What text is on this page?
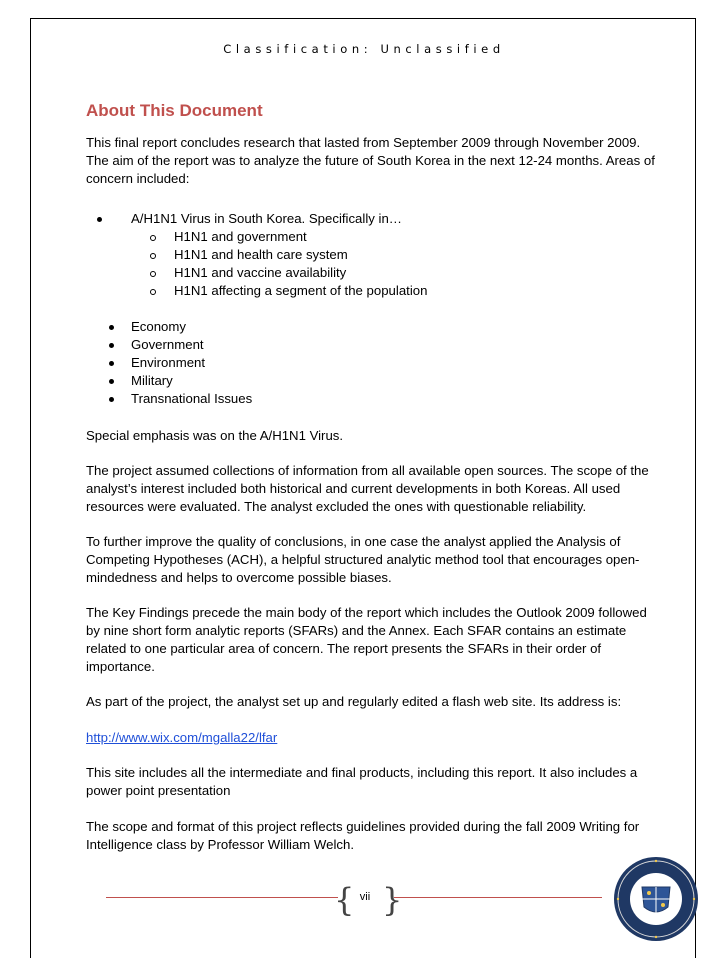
Classification: Unclassified
About This Document

This final report concludes research that lasted from September 2009 through November 2009. The aim of the report was to analyze the future of South Korea in the next 12-24 months. Areas of concern included:

A/H1N1 Virus in South Korea. Specifically in…
H1N1 and government
H1N1 and health care system
H1N1 and vaccine availability
H1N1 affecting a segment of the population
Economy
Government
Environment
Military
Transnational Issues

Special emphasis was on the A/H1N1 Virus.

The project assumed collections of information from all available open sources. The scope of the analyst’s interest included both historical and current developments in both Koreas. All used resources were evaluated. The analyst excluded the ones with questionable reliability.

To further improve the quality of conclusions, in one case the analyst applied the Analysis of Competing Hypotheses (ACH), a helpful structured analytic method tool that encourages open-mindedness and helps to overcome possible biases.

The Key Findings precede the main body of the report which includes the Outlook 2009 followed by nine short form analytic reports (SFARs) and the Annex. Each SFAR contains an estimate related to one particular area of concern. The report presents the SFARs in their order of importance.

As part of the project, the analyst set up and regularly edited a flash web site. Its address is:

http://www.wix.com/mgalla22/lfar

This site includes all the intermediate and final products, including this report. It also includes a power point presentation

The scope and format of this project reflects guidelines provided during the fall 2009 Writing for Intelligence class by Professor William Welch.

{ }
vii
